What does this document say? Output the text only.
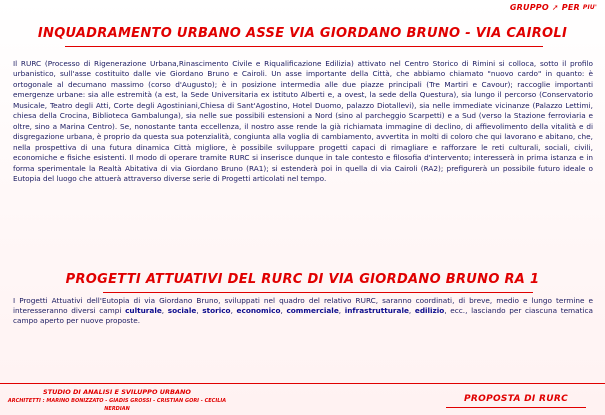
GRUPPO ➚ PER PIU'
INQUADRAMENTO URBANO ASSE VIA GIORDANO BRUNO - VIA CAIROLI

Il RURC (Processo di Rigenerazione Urbana,Rinascimento Civile e Riqualificazione Edilizia) attivato nel Centro Storico di Rimini si colloca, sotto il profilo urbanistico, sull'asse costituito dalle vie Giordano Bruno e Cairoli. Un asse importante della Città, che abbiamo chiamato "nuovo cardo" in quanto: è ortogonale al decumano massimo (corso d'Augusto); è in posizione intermedia alle due piazze principali (Tre Martiri e Cavour); raccoglie importanti emergenze urbane: sia alle estremità (a est, la Sede Universitaria ex istituto Alberti e, a ovest, la sede della Questura), sia lungo il percorso (Conservatorio Musicale, Teatro degli Atti, Corte degli Agostiniani,Chiesa di Sant'Agostino, Hotel Duomo, palazzo Diotallevi), sia nelle immediate vicinanze (Palazzo Lettimi, chiesa della Crocina, Biblioteca Gambalunga), sia nelle sue possibili estensioni a Nord (sino al parcheggio Scarpetti) e a Sud (verso la Stazione ferroviaria e oltre, sino a Marina Centro). Se, nonostante tanta eccellenza, il nostro asse rende la già richiamata immagine di declino, di affievolimento della vitalità e di disgregazione urbana, è proprio da questa sua potenzialità, congiunta alla voglia di cambiamento, avvertita in molti di coloro che qui lavorano e abitano, che, nella prospettiva di una futura dinamica Città migliore, è possibile sviluppare progetti capaci di rimagliare e rafforzare le reti culturali, sociali, civili, economiche e fisiche esistenti. Il modo di operare tramite RURC si inserisce dunque in tale contesto e filosofia d'intervento; interesserà in prima istanza e in forma sperimentale la Realtà Abitativa di via Giordano Bruno (RA1); si estenderà poi in quella di via Cairoli (RA2); prefigurerà un possibile futuro ideale o Eutopia del luogo che attuerà attraverso diverse serie di Progetti articolati nel tempo.

PROGETTI ATTUATIVI DEL RURC DI VIA GIORDANO BRUNO RA 1

I Progetti Attuativi dell'Eutopia di via Giordano Bruno, sviluppati nel quadro del relativo RURC, saranno coordinati, di breve, medio e lungo termine e interesseranno diversi campi culturale, sociale, storico, economico, commerciale, infrastrutturale, edilizio, ecc., lasciando per ciascuna tematica campo aperto per nuove proposte.

STUDIO DI ANALISI E SVILUPPO URBANO
ARCHITETTI : MARINO BONIZZATO - GIADIS GROSSI - CRISTIAN GORI - CECILIA NERDIAN
PROPOSTA DI RURC
